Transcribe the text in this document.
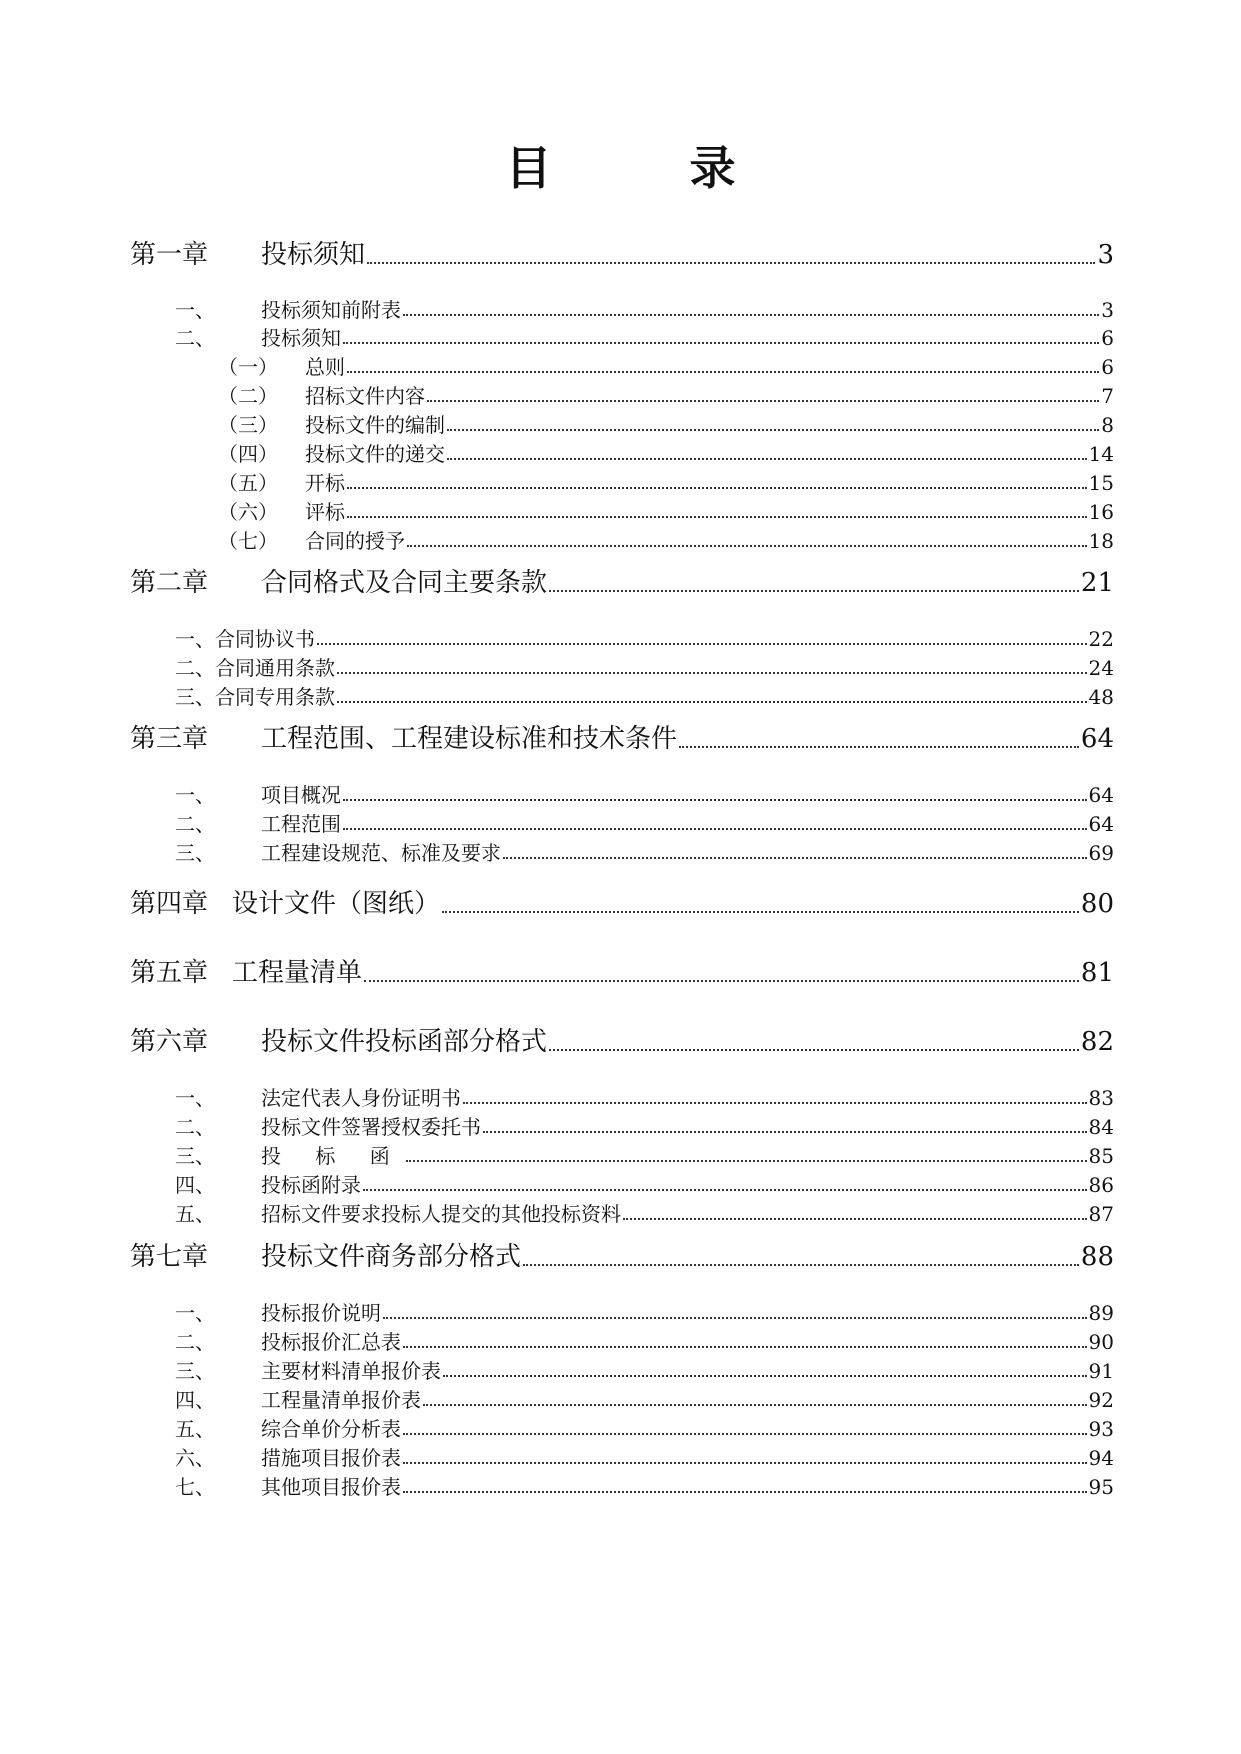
目　录
第一章	投标须知	3
一、	投标须知前附表	3
二、	投标须知	6
（一）	总则	6
（二）	招标文件内容	7
（三）	投标文件的编制	8
（四）	投标文件的递交	14
（五）	开标	15
（六）	评标	16
（七）	合同的授予	18
第二章	合同格式及合同主要条款	21
一、 合同协议书	22
二、 合同通用条款	24
三、 合同专用条款	48
第三章	工程范围、工程建设标准和技术条件	64
一、	项目概况	64
二、	工程范围	64
三、	工程建设规范、标准及要求	69
第四章 设计文件（图纸）	80
第五章 工程量清单	81
第六章	投标文件投标函部分格式	82
一、	法定代表人身份证明书	83
二、	投标文件签署授权委托书	84
三、	投 标 函	85
四、	投标函附录	86
五、	招标文件要求投标人提交的其他投标资料	87
第七章	投标文件商务部分格式	88
一、	投标报价说明	89
二、	投标报价汇总表	90
三、	主要材料清单报价表	91
四、	工程量清单报价表	92
五、	综合单价分析表	93
六、	措施项目报价表	94
七、	其他项目报价表	95
